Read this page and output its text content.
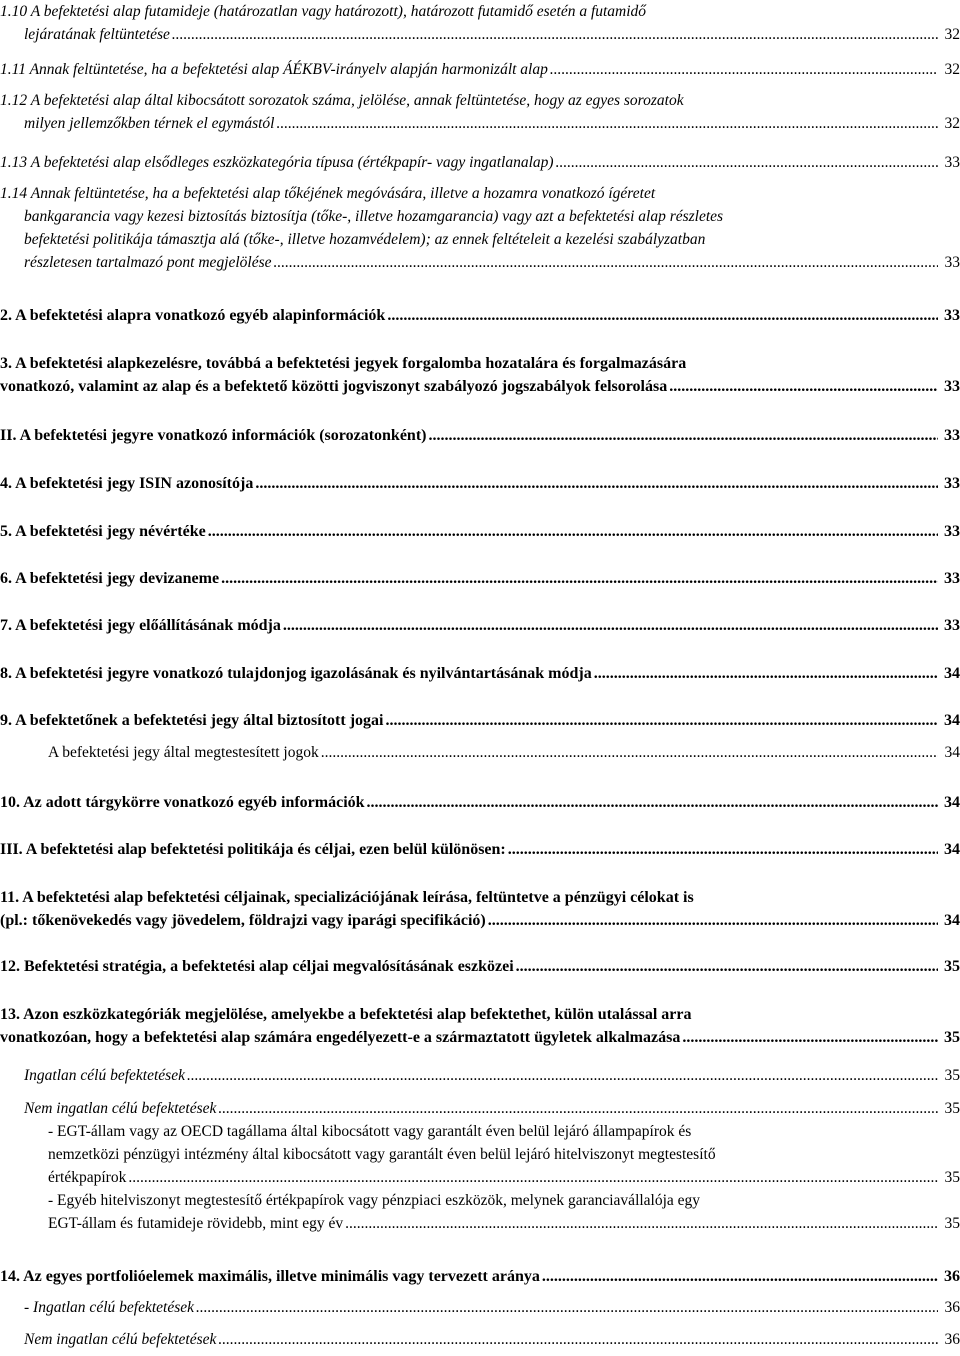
1.10 A befektetési alap futamideje (határozatlan vagy határozott), határozott futamidő esetén a futamidő
lejáratának feltüntetése .....	32
1.11 Annak feltüntetése, ha a befektetési alap ÁÉKBV-irányelv alapján harmonizált alap .....	32
1.12 A befektetési alap által kibocsátott sorozatok száma, jelölése, annak feltüntetése, hogy az egyes sorozatok
milyen jellemzőkben térnek el egymástól .....	32
1.13 A befektetési alap elsődleges eszközkategória típusa (értékpapír- vagy ingatlanalap) .....	33
1.14 Annak feltüntetése, ha a befektetési alap tőkéjének megóvására, illetve a hozamra vonatkozó ígéretet
bankgarancia vagy kezesi biztosítás biztosítja (tőke-, illetve hozamgarancia) vagy azt a befektetési alap részletes
befektetési politikája támasztja alá (tőke-, illetve hozamvédelem); az ennek feltételeit a kezelési szabályzatban
részletesen tartalmazó pont megjelölése .....	33
2. A befektetési alapra vonatkozó egyéb alapinformációk .....	33
3. A befektetési alapkezelésre, továbbá a befektetési jegyek forgalomba hozatalára és forgalmazására
vonatkozó, valamint az alap és a befektető közötti jogviszonyt szabályozó jogszabályok felsorolása .....	33
II. A befektetési jegyre vonatkozó információk (sorozatonként) .....	33
4. A befektetési jegy ISIN azonosítója .....	33
5. A befektetési jegy névértéke .....	33
6. A befektetési jegy devizaneme .....	33
7. A befektetési jegy előállításának módja .....	33
8. A befektetési jegyre vonatkozó tulajdonjog igazolásának és nyilvántartásának módja .....	34
9. A befektetőnek a befektetési jegy által biztosított jogai .....	34
A befektetési jegy által megtestesített jogok .....	34
10. Az adott tárgykörre vonatkozó egyéb információk .....	34
III. A befektetési alap befektetési politikája és céljai, ezen belül különösen: .....	34
11. A befektetési alap befektetési céljainak, specializációjának leírása, feltüntetve a pénzügyi célokat is
(pl.: tőkenövekedés vagy jövedelem, földrajzi vagy iparági specifikáció) .....	34
12. Befektetési stratégia, a befektetési alap céljai megvalósításának eszközei .....	35
13. Azon eszközkategóriák megjelölése, amelyekbe a befektetési alap befektethet, külön utalással arra
vonatkozóan, hogy a befektetési alap számára engedélyezett-e a származtatott ügyletek alkalmazása .....	35
Ingatlan célú befektetések .....	35
Nem ingatlan célú befektetések .....	35
- EGT-állam vagy az OECD tagállama által kibocsátott vagy garantált éven belül lejáró állampapírok és
nemzetközi pénzügyi intézmény által kibocsátott vagy garantált éven belül lejáró hitelviszonyt megtestesítő
értékpapírok .....	35
- Egyéb hitelviszonyt megtestesítő értékpapírok vagy pénzpiaci eszközök, melynek garanciavállalója egy
EGT-állam és futamideje rövidebb, mint egy év .....	35
14. Az egyes portfolióelemek maximális, illetve minimális vagy tervezett aránya .....	36
- Ingatlan célú befektetések .....	36
Nem ingatlan célú befektetések .....	36
